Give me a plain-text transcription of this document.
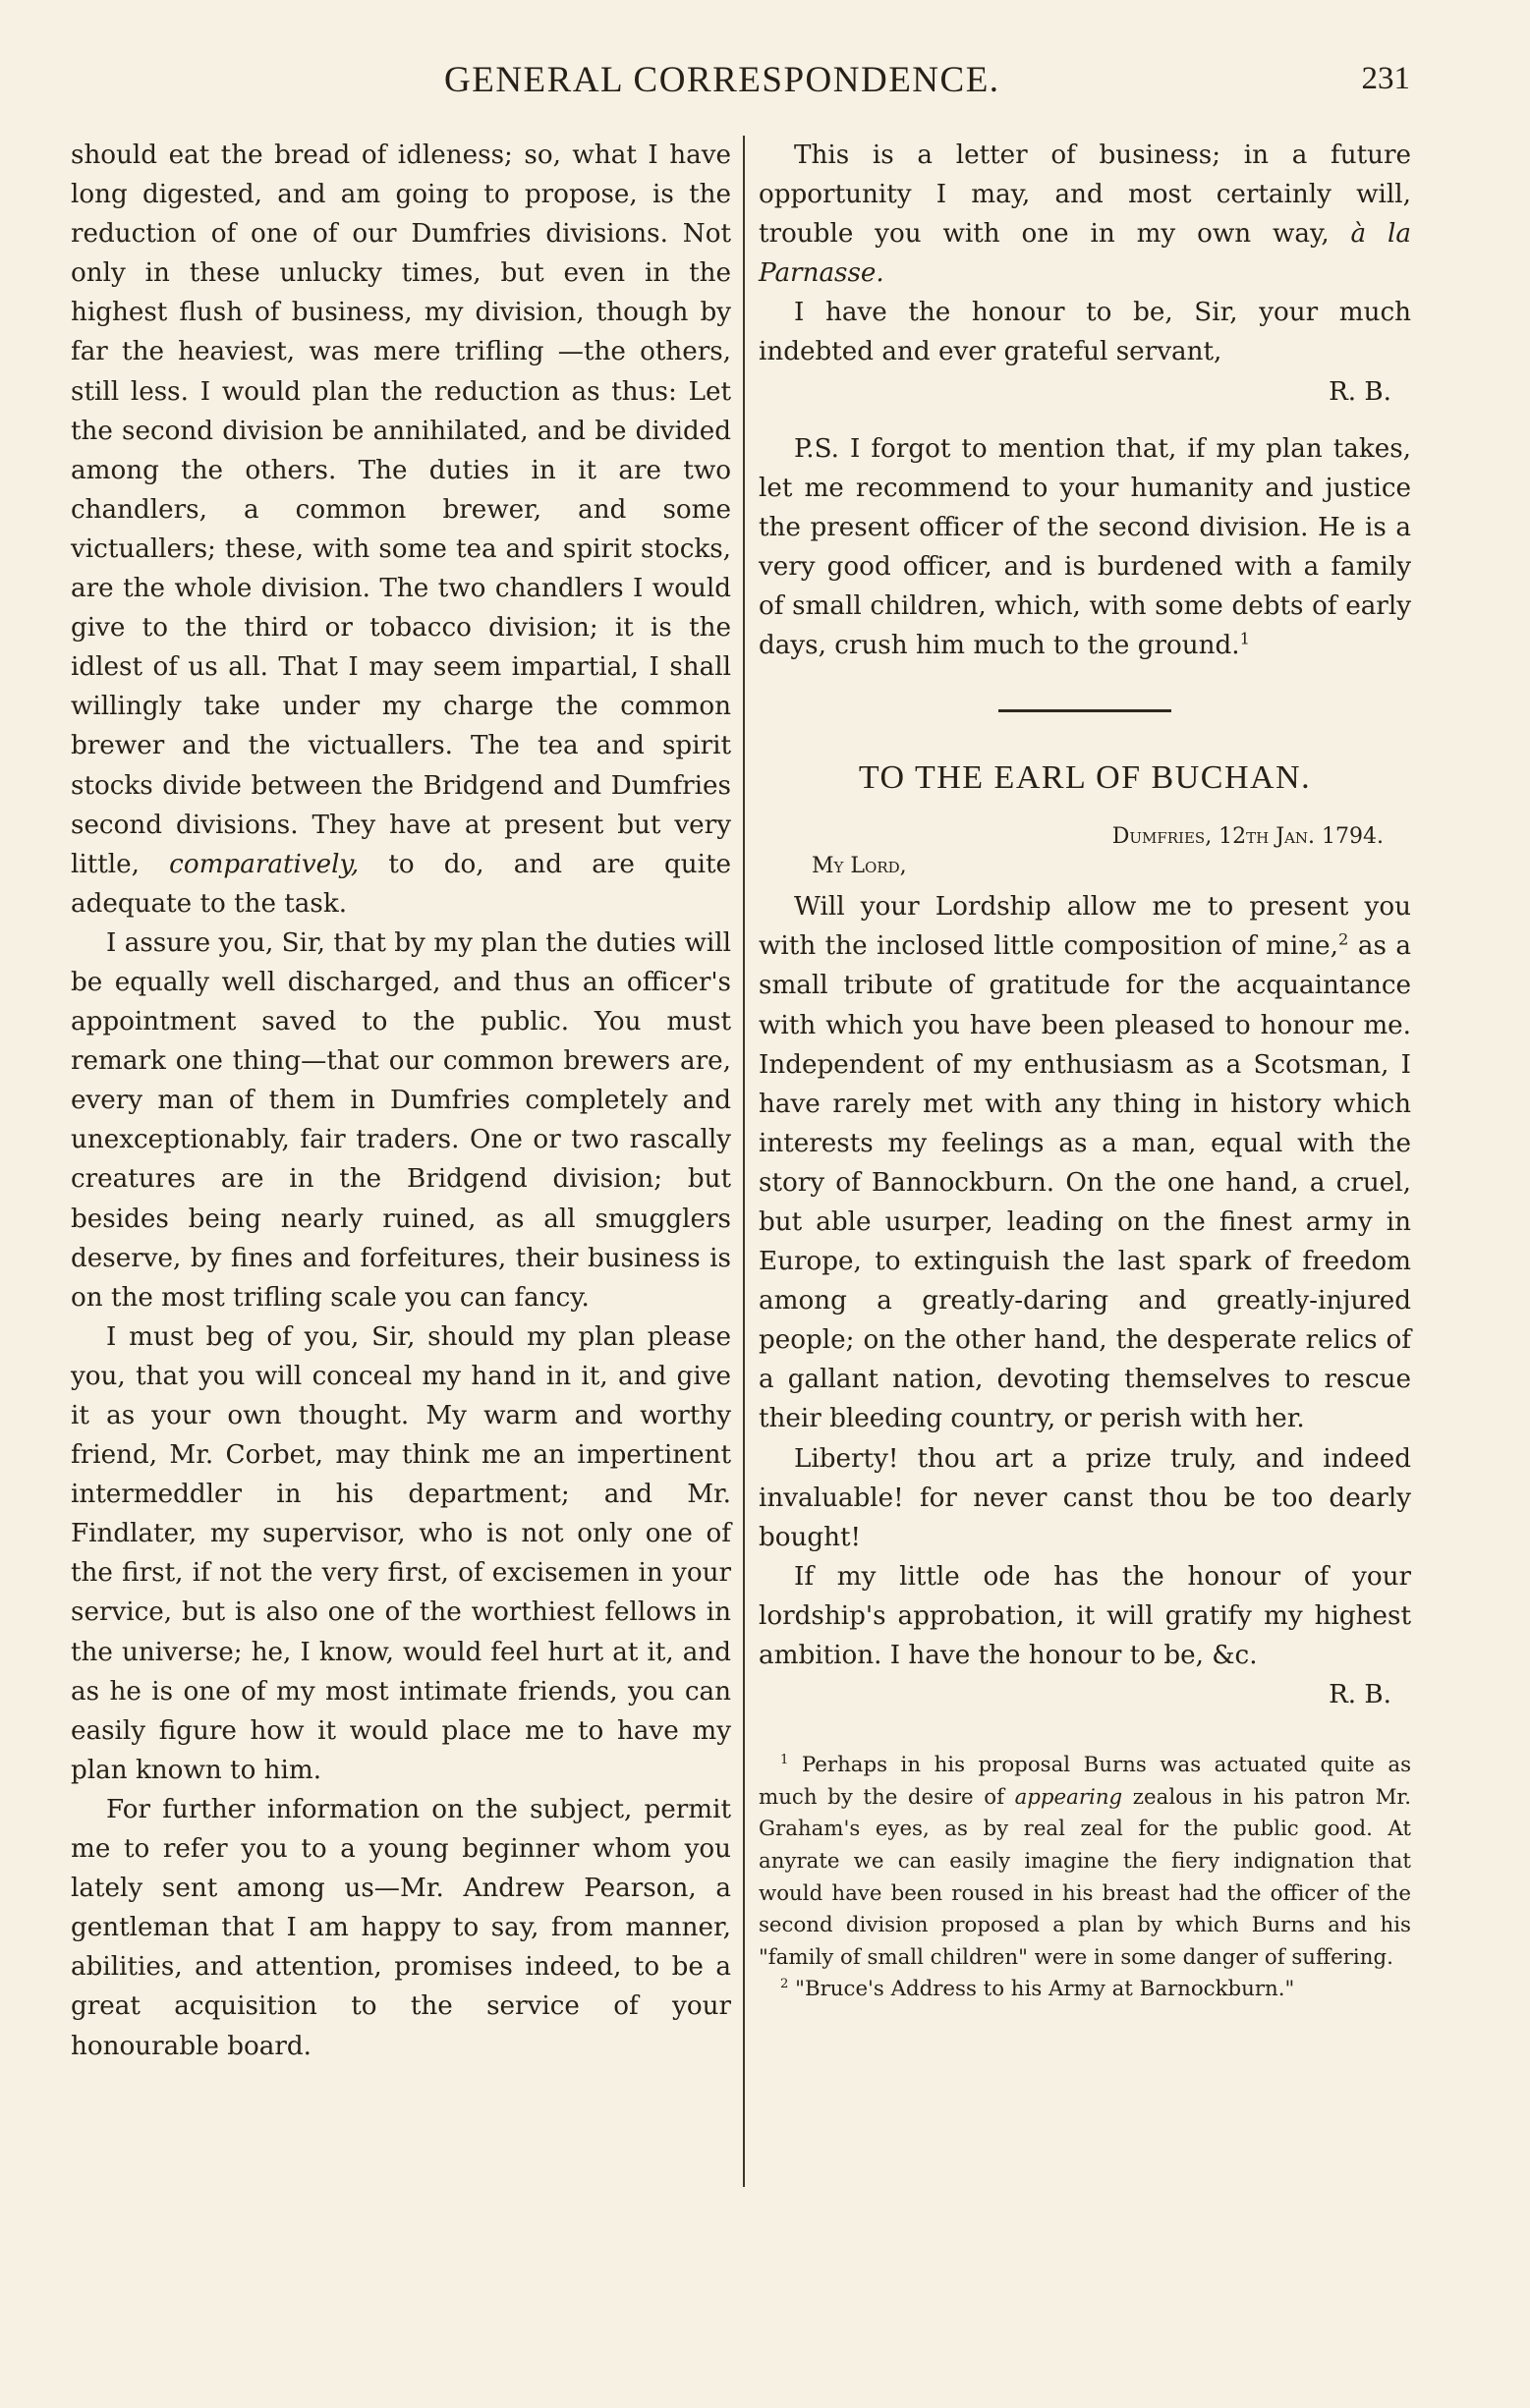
GENERAL CORRESPONDENCE.	231

should eat the bread of idleness; so, what I have long digested, and am going to propose, is the reduction of one of our Dumfries divisions. Not only in these unlucky times, but even in the highest flush of business, my division, though by far the heaviest, was mere trifling —the others, still less. I would plan the reduction as thus: Let the second division be annihilated, and be divided among the others. The duties in it are two chandlers, a common brewer, and some victuallers; these, with some tea and spirit stocks, are the whole division. The two chandlers I would give to the third or tobacco division; it is the idlest of us all. That I may seem impartial, I shall willingly take under my charge the common brewer and the victuallers. The tea and spirit stocks divide between the Bridgend and Dumfries second divisions. They have at present but very little, comparatively, to do, and are quite adequate to the task.

I assure you, Sir, that by my plan the duties will be equally well discharged, and thus an officer's appointment saved to the public. You must remark one thing—that our common brewers are, every man of them in Dumfries completely and unexceptionably, fair traders. One or two rascally creatures are in the Bridgend division; but besides being nearly ruined, as all smugglers deserve, by fines and forfeitures, their business is on the most trifling scale you can fancy.

I must beg of you, Sir, should my plan please you, that you will conceal my hand in it, and give it as your own thought. My warm and worthy friend, Mr. Corbet, may think me an impertinent intermeddler in his department; and Mr. Findlater, my supervisor, who is not only one of the first, if not the very first, of excisemen in your service, but is also one of the worthiest fellows in the universe; he, I know, would feel hurt at it, and as he is one of my most intimate friends, you can easily figure how it would place me to have my plan known to him.

For further information on the subject, permit me to refer you to a young beginner whom you lately sent among us—Mr. Andrew Pearson, a gentleman that I am happy to say, from manner, abilities, and attention, promises indeed, to be a great acquisition to the service of your honourable board.

This is a letter of business; in a future opportunity I may, and most certainly will, trouble you with one in my own way, à la Parnasse.

I have the honour to be, Sir, your much indebted and ever grateful servant,

R. B.

P.S. I forgot to mention that, if my plan takes, let me recommend to your humanity and justice the present officer of the second division. He is a very good officer, and is burdened with a family of small children, which, with some debts of early days, crush him much to the ground.$^1$

TO THE EARL OF BUCHAN.

Dumfries, 12th Jan. 1794.

My Lord,

Will your Lordship allow me to present you with the inclosed little composition of mine,$^2$ as a small tribute of gratitude for the acquaintance with which you have been pleased to honour me. Independent of my enthusiasm as a Scotsman, I have rarely met with any thing in history which interests my feelings as a man, equal with the story of Bannockburn. On the one hand, a cruel, but able usurper, leading on the finest army in Europe, to extinguish the last spark of freedom among a greatly-daring and greatly-injured people; on the other hand, the desperate relics of a gallant nation, devoting themselves to rescue their bleeding country, or perish with her.

Liberty! thou art a prize truly, and indeed invaluable! for never canst thou be too dearly bought!

If my little ode has the honour of your lordship's approbation, it will gratify my highest ambition. I have the honour to be, &c.

R. B.

$^1$ Perhaps in his proposal Burns was actuated quite as much by the desire of appearing zealous in his patron Mr. Graham's eyes, as by real zeal for the public good. At anyrate we can easily imagine the fiery indignation that would have been roused in his breast had the officer of the second division proposed a plan by which Burns and his "family of small children" were in some danger of suffering.

$^2$ "Bruce's Address to his Army at Barnockburn."
